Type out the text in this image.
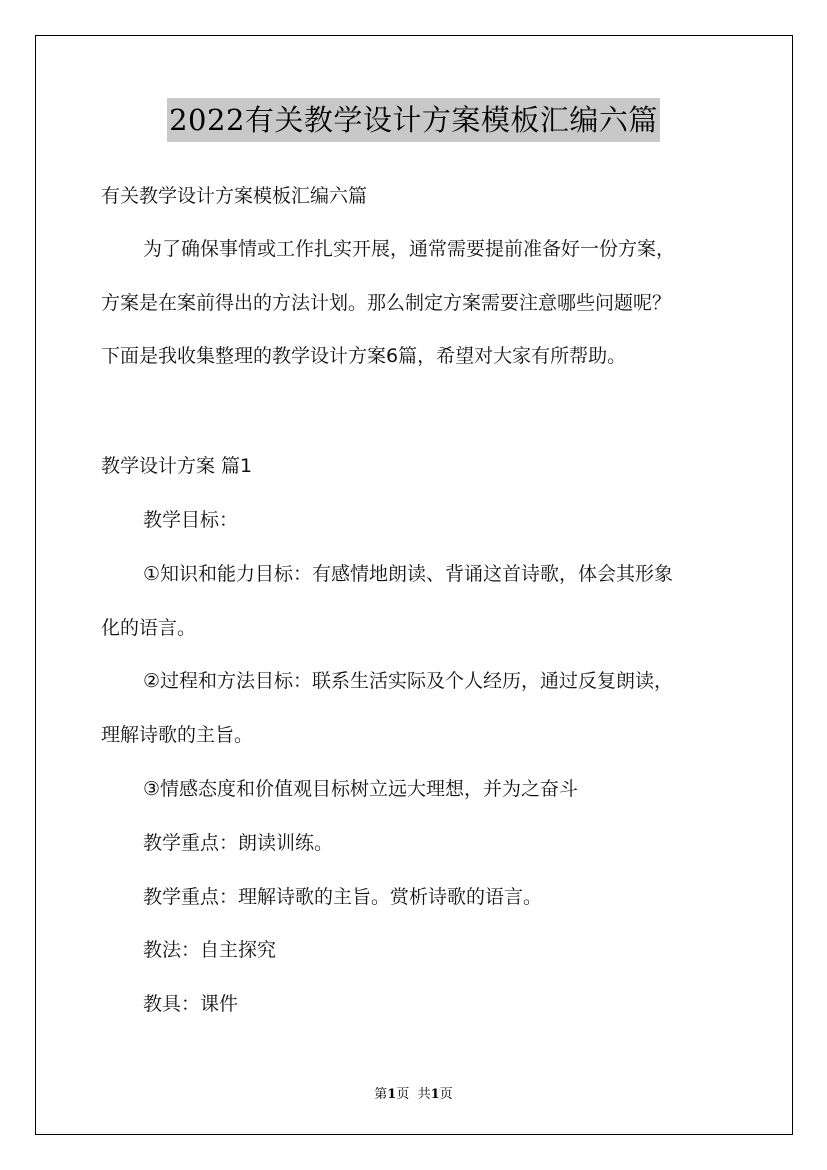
2022有关教学设计方案模板汇编六篇
有关教学设计方案模板汇编六篇
为了确保事情或工作扎实开展，通常需要提前准备好一份方案，
方案是在案前得出的方法计划。那么制定方案需要注意哪些问题呢？
下面是我收集整理的教学设计方案6篇，希望对大家有所帮助。
教学设计方案 篇1
教学目标：
①知识和能力目标：有感情地朗读、背诵这首诗歌，体会其形象
化的语言。
②过程和方法目标：联系生活实际及个人经历，通过反复朗读，
理解诗歌的主旨。
③情感态度和价值观目标树立远大理想，并为之奋斗
教学重点：朗读训练。
教学重点：理解诗歌的主旨。赏析诗歌的语言。
教法：自主探究
教具：课件
第1页 共1页
